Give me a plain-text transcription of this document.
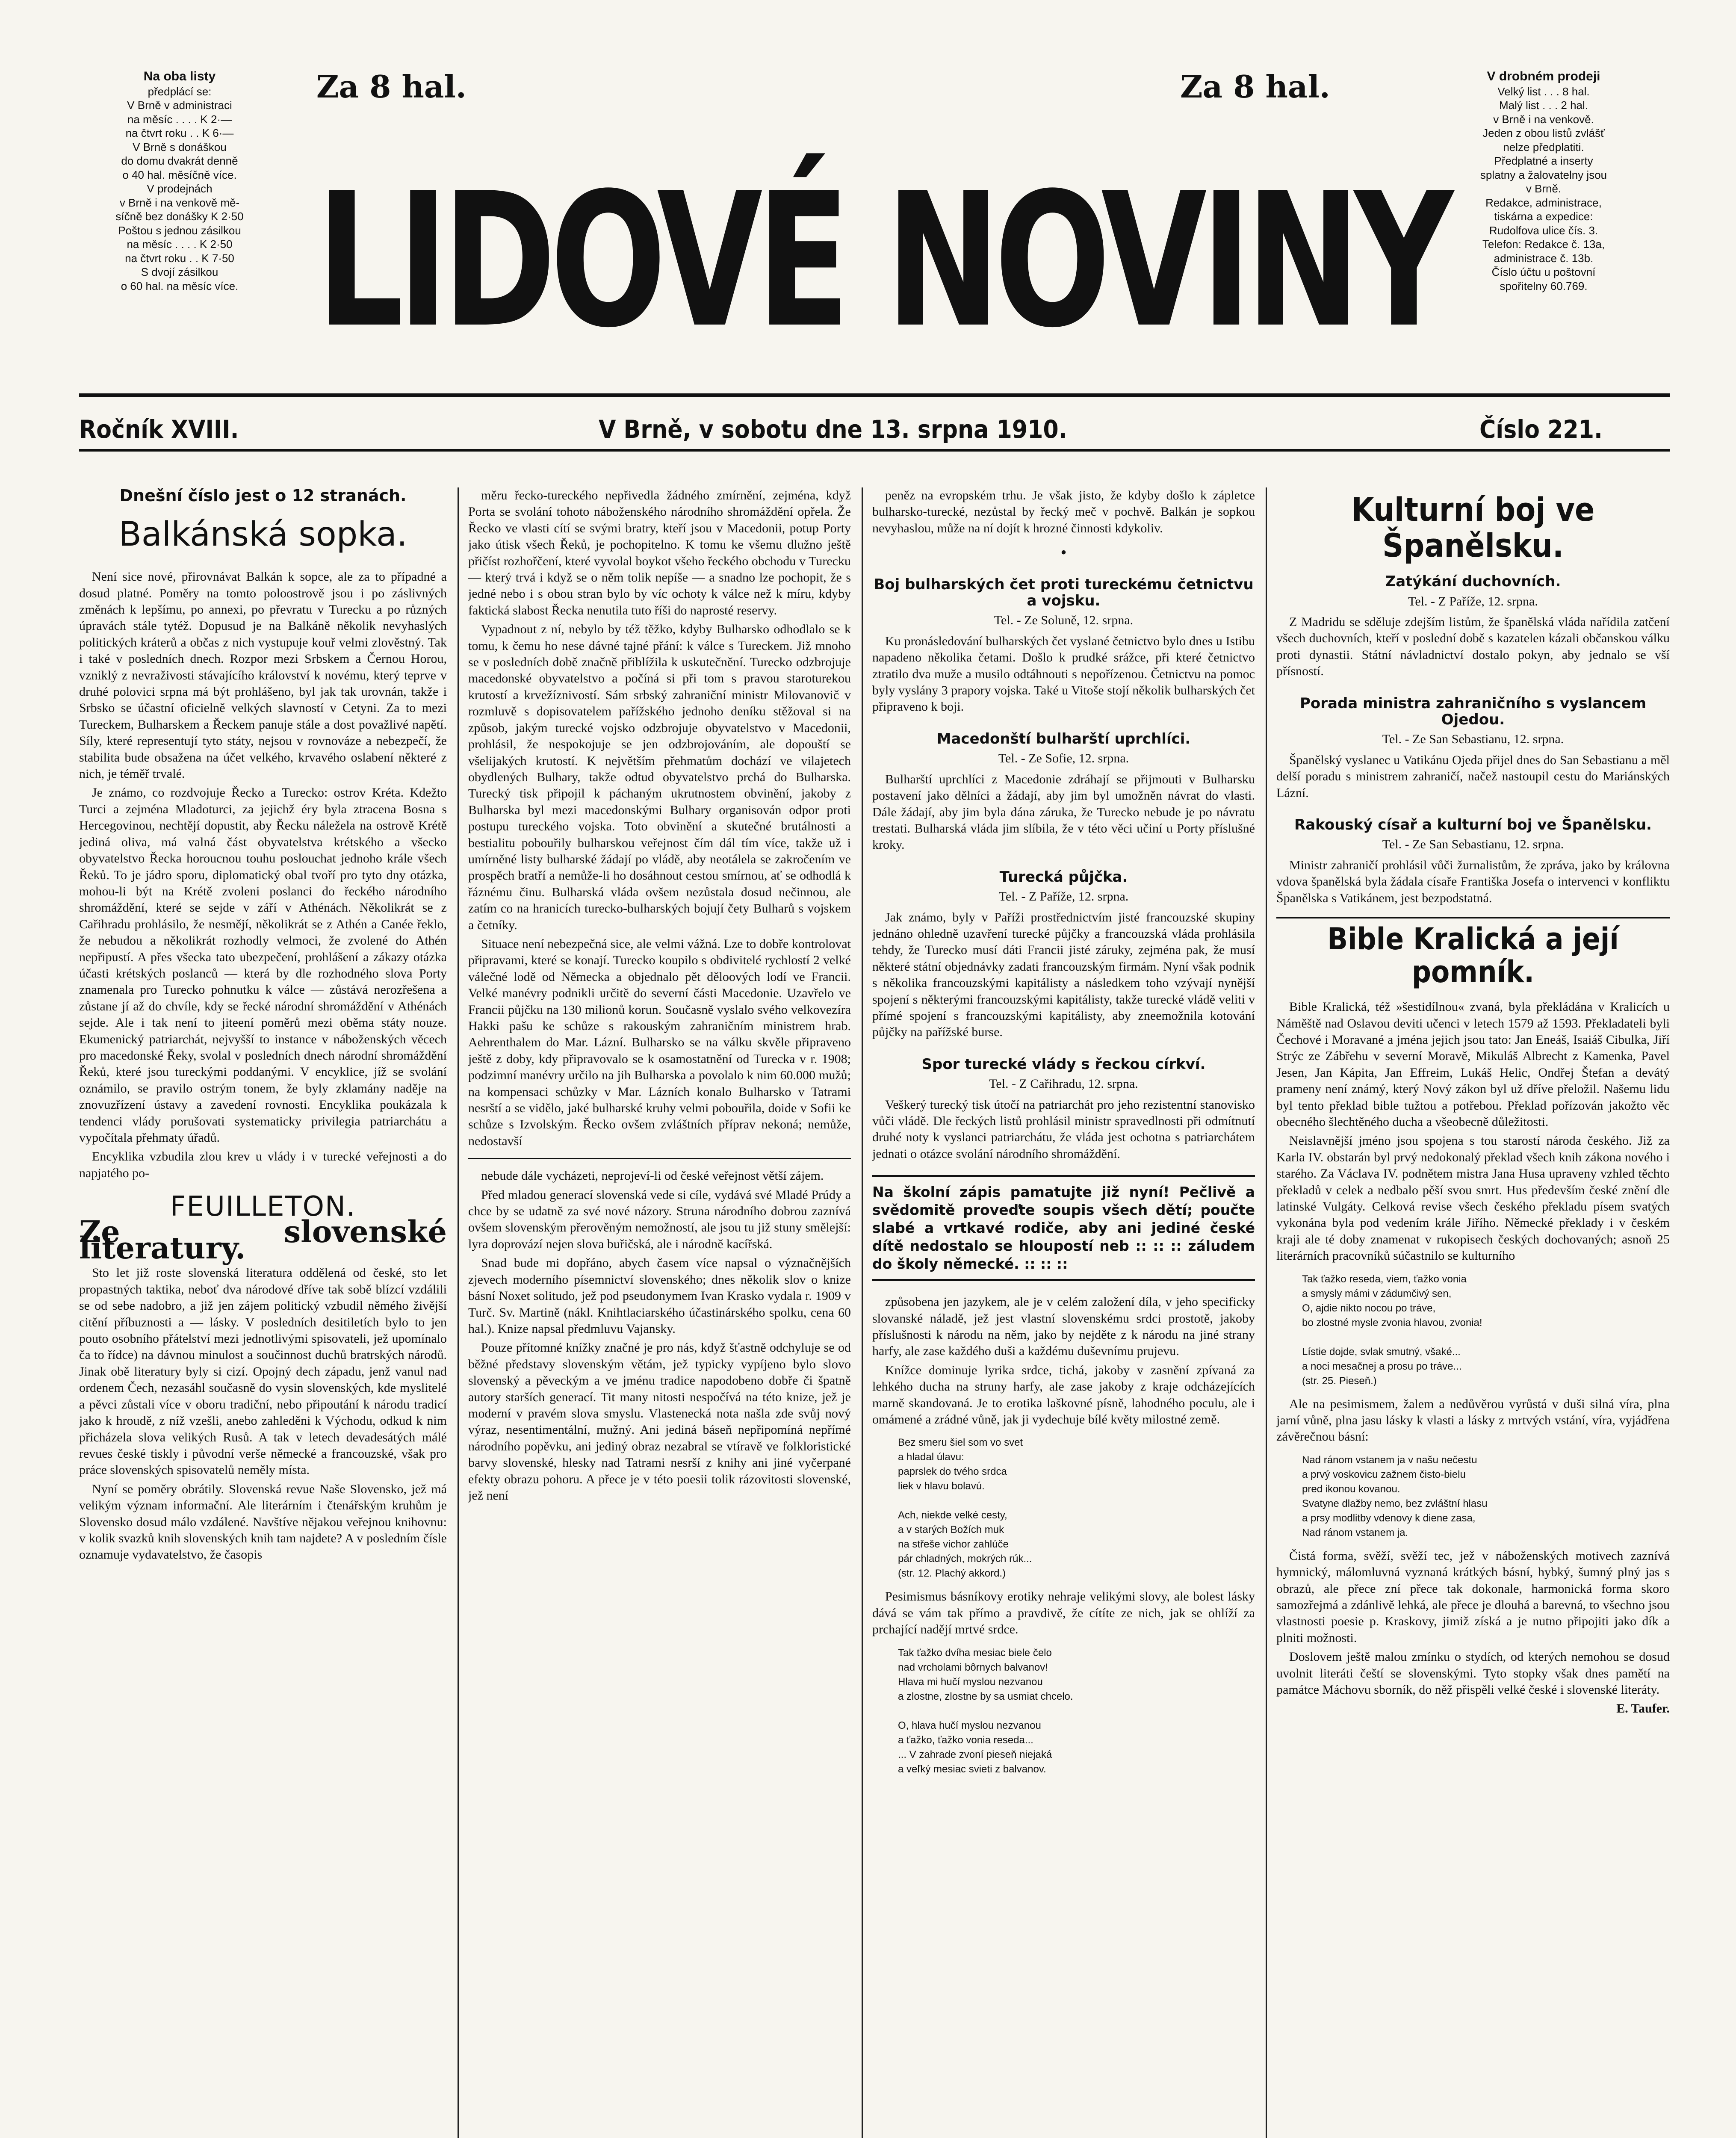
Na oba listy
předplácí se:
V Brně v administraci
na měsíc . . . . K 2·—
na čtvrt roku . . K 6·—
V Brně s donáškou
do domu dvakrát denně
o 40 hal. měsíčně více.
V prodejnách
v Brně i na venkově mě-
síčně bez donášky K 2·50
Poštou s jednou zásilkou
na měsíc . . . . K 2·50
na čtvrt roku . . K 7·50
S dvojí zásilkou
o 60 hal. na měsíc více.
Za 8 hal.	Za 8 hal.
LIDOVÉ NOVINY
V drobném prodeji
Velký list . . . 8 hal.
Malý list . . . 2 hal.
v Brně i na venkově.
Jeden z obou listů zvlášť
nelze předplatiti.
Předplatné a inserty
splatny a žalovatelny jsou
v Brně.
Redakce, administrace,
tiskárna a expedice:
Rudolfova ulice čís. 3.
Telefon: Redakce č. 13a,
administrace č. 13b.
Číslo účtu u poštovní
spořitelny 60.769.
Ročník XVIII.	V Brně, v sobotu dne 13. srpna 1910.	Číslo 221.
Dnešní číslo jest o 12 stranách.
Balkánská sopka.

Není sice nové, přirovnávat Balkán k sopce, ale za to případné a dosud platné. Poměry na tomto poloostrově jsou i po záslivných změnách k lepšímu, po annexi, po převratu v Turecku a po různých úpravách stále tytéž. Dopusud je na Balkáně několik nevyhaslých politických kráterů a občas z nich vystupuje kouř velmi zlověstný. Tak i také v posledních dnech. Rozpor mezi Srbskem a Černou Horou, vzniklý z nevraživosti stávajícího království k novému, který teprve v druhé polovici srpna má být prohlášeno, byl jak tak urovnán, takže i Srbsko se účastní oficielně velkých slavností v Cetyni. Za to mezi Tureckem, Bulharskem a Řeckem panuje stále a dost považlivé napětí. Síly, které representují tyto státy, nejsou v rovnováze a nebezpečí, že stabilita bude obsažena na účet velkého, krvavého oslabení některé z nich, je téměř trvalé.

Je známo, co rozdvojuje Řecko a Turecko: ostrov Kréta. Kdežto Turci a zejména Mladoturci, za jejichž éry byla ztracena Bosna s Hercegovinou, nechtějí dopustit, aby Řecku náležela na ostrově Krétě jediná oliva, má valná část obyvatelstva krétského a všecko obyvatelstvo Řecka horoucnou touhu poslouchat jednoho krále všech Řeků. To je jádro sporu, diplomatický obal tvoří pro tyto dny otázka, mohou-li být na Krétě zvoleni poslanci do řeckého národního shromáždění, které se sejde v září v Athénách. Několikrát se z Cařihradu prohlásilo, že nesmějí, několikrát se z Athén a Canée řeklo, že nebudou a několikrát rozhodly velmoci, že zvolené do Athén nepřipustí. A přes všecka tato ubezpečení, prohlášení a zákazy otázka účasti krétských poslanců — která by dle rozhodného slova Porty znamenala pro Turecko pohnutku k válce — zůstává nerozřešena a zůstane jí až do chvíle, kdy se řecké národní shromáždění v Athénách sejde. Ale i tak není to jiteení poměrů mezi oběma státy nouze. Ekumenický patriarchát, nejvyšší to instance v náboženských věcech pro macedonské Řeky, svolal v posledních dnech národní shromáždění Řeků, které jsou tureckými poddanými. V encyklice, jíž se svolání oznámilo, se pravilo ostrým tonem, že byly zklamány naděje na znovuzřízení ústavy a zavedení rovnosti. Encyklika poukázala k tendenci vlády porušovati systematicky privilegia patriarchátu a vypočítala přehmaty úřadů.

Encyklika vzbudila zlou krev u vlády i v turecké veřejnosti a do napjatého po-

FEUILLETON.
Ze slovenské literatury.

Sto let již roste slovenská literatura oddělená od české, sto let propastných taktika, neboť dva národové dříve tak sobě blízcí vzdálili se od sebe nadobro, a již jen zájem politický vzbudil němého živější citění příbuznosti a — lásky. V posledních desitiletích bylo to jen pouto osobního přátelství mezi jednotlivými spisovateli, jež upomínalo ča to řídce) na dávnou minulost a součinnost duchů bratrských národů. Jinak obě literatury byly si cizí. Opojný dech západu, jenž vanul nad ordenem Čech, nezasáhl současně do vysin slovenských, kde myslitelé a pěvci zůstali více v oboru tradiční, nebo připoutání k národu tradicí jako k hroudě, z níž vzešli, anebo zahleděni k Východu, odkud k nim přicházela slova velikých Rusů. A tak v letech devadesátých málé revues české tiskly i původní verše německé a francouzské, však pro práce slovenských spisovatelů neměly místa.

Nyní se poměry obrátily. Slovenská revue Naše Slovensko, jež má velikým význam informační. Ale literárním i čtenářským kruhům je Slovensko dosud málo vzdálené. Navštíve nějakou veřejnou knihovnu: v kolik svazků knih slovenských knih tam najdete? A v posledním čísle oznamuje vydavatelstvo, že časopis

měru řecko-tureckého nepřivedla žádného zmírnění, zejména, když Porta se svolání tohoto náboženského národního shromáždění opřela. Že Řecko ve vlasti cítí se svými bratry, kteří jsou v Macedonii, potup Porty jako útisk všech Řeků, je pochopitelno. K tomu ke všemu dlužno ještě přičíst rozhořčení, které vyvolal boykot všeho řeckého obchodu v Turecku — který trvá i když se o něm tolik nepíše — a snadno lze pochopit, že s jedné nebo i s obou stran bylo by víc ochoty k válce než k míru, kdyby faktická slabost Řecka nenutila tuto říši do naprosté reservy.

Vypadnout z ní, nebylo by též těžko, kdyby Bulharsko odhodlalo se k tomu, k čemu ho nese dávné tajné přání: k válce s Tureckem. Již mnoho se v posledních době značně přiblížila k uskutečnění. Turecko odzbrojuje macedonské obyvatelstvo a počíná si při tom s pravou staroturekou krutostí a krvežíznivostí. Sám srbský zahraniční ministr Milovanovič v rozmluvě s dopisovatelem pařížského jednoho deníku stěžoval si na způsob, jakým turecké vojsko odzbrojuje obyvatelstvo v Macedonii, prohlásil, že nespokojuje se jen odzbrojováním, ale dopouští se všelijakých krutostí. K největším přehmatům dochází ve vilajetech obydlených Bulhary, takže odtud obyvatelstvo prchá do Bulharska. Turecký tisk připojil k páchaným ukrutnostem obvinění, jakoby z Bulharska byl mezi macedonskými Bulhary organisován odpor proti postupu tureckého vojska. Toto obvinění a skutečné brutálnosti a bestialitu pobouřily bulharskou veřejnost čím dál tím více, takže už i umírněné listy bulharské žádají po vládě, aby neotálela se zakročením ve prospěch bratří a nemůže-li ho dosáhnout cestou smírnou, ať se odhodlá k řáznému činu. Bulharská vláda ovšem nezůstala dosud nečinnou, ale zatím co na hranicích turecko-bulharských bojují čety Bulharů s vojskem a četníky.

Situace není nebezpečná sice, ale velmi vážná. Lze to dobře kontrolovat připravami, které se konají. Turecko koupilo s obdivitelé rychlostí 2 velké válečné lodě od Německa a objednalo pět děloových lodí ve Francii. Velké manévry podnikli určitě do severní části Macedonie. Uzavřelo ve Francii půjčku na 130 milionů korun. Současně vyslalo svého velkovezíra Hakki pašu ke schůze s rakouským zahraničním ministrem hrab. Aehrenthalem do Mar. Lázní. Bulharsko se na válku skvěle připraveno ještě z doby, kdy připravovalo se k osamostatnění od Turecka v r. 1908; podzimní manévry určilo na jih Bulharska a povolalo k nim 60.000 mužů; na kompensaci schůzky v Mar. Lázních konalo Bulharsko v Tatrami nesrští a se vidělo, jaké bulharské kruhy velmi pobouřila, doide v Sofii ke schůze s Izvolským. Řecko ovšem zvláštních příprav nekoná; nemůže, nedostavší

nebude dále vycházeti, neprojeví-li od české veřejnost větší zájem.

Před mladou generací slovenská vede si cíle, vydává své Mladé Prúdy a chce by se udatně za své nové názory. Struna národního dobrou zaznívá ovšem slovenským přerověným nemožností, ale jsou tu již stuny smělejší: lyra doprovází nejen slova buřičská, ale i národně kacířská.

Snad bude mi dopřáno, abych časem více napsal o význačnějších zjevech moderního písemnictví slovenského; dnes několik slov o knize básní Noxet solitudo, jež pod pseudonymem Ivan Krasko vydala r. 1909 v Turč. Sv. Martině (nákl. Knihtlaciarského účastinárského spolku, cena 60 hal.). Knize napsal předmluvu Vajansky.

Pouze přítomné knížky značné je pro nás, když šťastně odchyluje se od běžné představy slovenským větám, jež typicky vypíjeno bylo slovo slovenský a pěveckým a ve jménu tradice napodobeno dobře či špatně autory starších generací. Tit many nitosti nespočívá na této knize, jež je moderní v pravém slova smyslu. Vlastenecká nota našla zde svůj nový výraz, nesentimentální, mužný. Ani jediná báseň nepřipomíná nepřímé národního popěvku, ani jediný obraz nezabral se vtíravě ve folkloristické barvy slovenské, hlesky nad Tatrami nesrší z knihy ani jiné vyčerpané efekty obrazu pohoru. A přece je v této poesii tolik rázovitosti slovenské, jež není

peněz na evropském trhu. Je však jisto, že kdyby došlo k zápletce bulharsko-turecké, nezůstal by řecký meč v pochvě. Balkán je sopkou nevyhaslou, může na ní dojít k hrozné činnosti kdykoliv.

•
Boj bulharských čet proti tureckému četnictvu a vojsku.
Tel. - Ze Soluně, 12. srpna.

Ku pronásledování bulharských čet vyslané četnictvo bylo dnes u Istibu napadeno několika četami. Došlo k prudké srážce, při které četnictvo ztratilo dva muže a musilo odtáhnouti s nepořízenou. Četnictvu na pomoc byly vyslány 3 prapory vojska. Také u Vitoše stojí několik bulharských čet připraveno k boji.

Macedonští bulharští uprchlíci.
Tel. - Ze Sofie, 12. srpna.

Bulharští uprchlíci z Macedonie zdráhají se přijmouti v Bulharsku postavení jako dělníci a žádají, aby jim byl umožněn návrat do vlasti. Dále žádají, aby jim byla dána záruka, že Turecko nebude je po návratu trestati. Bulharská vláda jim slíbila, že v této věci učiní u Porty příslušné kroky.

Turecká půjčka.
Tel. - Z Paříže, 12. srpna.

Jak známo, byly v Paříži prostřednictvím jisté francouzské skupiny jednáno ohledně uzavření turecké půjčky a francouzská vláda prohlásila tehdy, že Turecko musí dáti Francii jisté záruky, zejména pak, že musí některé státní objednávky zadati francouzským firmám. Nyní však podnik s několika francouzskými kapitálisty a následkem toho vzývají nynější spojení s některými francouzskými kapitálisty, takže turecké vládě veliti v přímé spojení s francouzskými kapitálisty, aby zneemožnila kotování půjčky na pařížské burse.

Spor turecké vlády s řeckou církví.
Tel. - Z Cařihradu, 12. srpna.

Veškerý turecký tisk útočí na patriarchát pro jeho rezistentní stanovisko vůči vládě. Dle řeckých listů prohlásil ministr spravedlnosti při odmítnutí druhé noty k vyslanci patriarchátu, že vláda jest ochotna s patriarchátem jednati o otázce svolání národního shromáždění.

Na školní zápis pamatujte již nyní! Pečlivě a svědomitě proveďte soupis všech dětí; poučte slabé a vrtkavé rodiče, aby ani jediné české dítě nedostalo se hloupostí neb :: :: :: záludem do školy německé. :: :: ::

způsobena jen jazykem, ale je v celém založení díla, v jeho specificky slovanské náladě, jež jest vlastní slovenskému srdci prostotě, jakoby příslušnosti k národu na něm, jako by nejděte z k národu na jiné strany harfy, ale zase každého duši a každému duševnímu prujevu.

Knížce dominuje lyrika srdce, tichá, jakoby v zasnění zpívaná za lehkého ducha na struny harfy, ale zase jakoby z kraje odcházejících marně skandovaná. Je to erotika laškovné písně, lahodného poculu, ale i omámené a zrádné vůně, jak ji vydechuje bílé květy milostné země.

Bez smeru šiel som vo svet
a hladal úlavu:
paprslek do tvého srdca
liek v hlavu bolavú.

Ach, niekde velké cesty,
a v starých Božích muk
na střeše vichor zahlúče
pár chladných, mokrých rúk...
(str. 12. Plachý akkord.)

Pesimismus básníkovy erotiky nehraje velikými slovy, ale bolest lásky dává se vám tak přímo a pravdivě, že cítíte ze nich, jak se ohlíží za prchající nadějí mrtvé srdce.

Tak ťažko dvíha mesiac biele čelo
nad vrcholami bôrnych balvanov!
Hlava mi hučí myslou nezvanou
a zlostne, zlostne by sa usmiat chcelo.

O, hlava hučí myslou nezvanou
a ťažko, ťažko vonia reseda...
... V zahrade zvoní pieseň niejaká
a veľký mesiac svieti z balvanov.
Kulturní boj ve Španělsku.
Zatýkání duchovních.
Tel. - Z Paříže, 12. srpna.

Z Madridu se sděluje zdejším listům, že španělská vláda nařídila zatčení všech duchovních, kteří v poslední době s kazatelen kázali občanskou válku proti dynastii. Státní návladnictví dostalo pokyn, aby jednalo se vší přísností.

Porada ministra zahraničního s vyslancem Ojedou.
Tel. - Ze San Sebastianu, 12. srpna.

Španělský vyslanec u Vatikánu Ojeda přijel dnes do San Sebastianu a měl delší poradu s ministrem zahraničí, načež nastoupil cestu do Mariánských Lázní.

Rakouský císař a kulturní boj ve Španělsku.
Tel. - Ze San Sebastianu, 12. srpna.

Ministr zahraničí prohlásil vůči žurnalistům, že zpráva, jako by královna vdova španělská byla žádala císaře Františka Josefa o intervenci v konfliktu Španělska s Vatikánem, jest bezpodstatná.

Bible Kralická a její pomník.

Bible Kralická, též »šestidílnou« zvaná, byla překládána v Kralicích u Náměště nad Oslavou deviti učenci v letech 1579 až 1593. Překladateli byli Čechové i Moravané a jména jejich jsou tato: Jan Eneáš, Isaiáš Cibulka, Jiří Strýc ze Zábřehu v severní Moravě, Mikuláš Albrecht z Kamenka, Pavel Jesen, Jan Kápita, Jan Effreim, Lukáš Helic, Ondřej Štefan a devátý prameny není známý, který Nový zákon byl už dříve přeložil. Našemu lidu byl tento překlad bible tužtou a potřebou. Překlad pořízován jakožto věc obecného šlechtěného ducha a všeobecně důležitosti.

Neislavnější jméno jsou spojena s tou starostí národa českého. Již za Karla IV. obstarán byl prvý nedokonalý překlad všech knih zákona nového i starého. Za Václava IV. podnětem mistra Jana Husa upraveny vzhled těchto překladů v celek a nedbalo pěší svou smrt. Hus především české znění dle latinské Vulgáty. Celková revise všech českého překladu písem svatých vykonána byla pod vedením krále Jiřího. Německé překlady i v českém kraji ale té doby znamenat v rukopisech českých dochovaných; asnoň 25 literárních pracovníků súčastnilo se kulturního

Tak ťažko reseda, viem, ťažko vonia
a smysly mámi v zádumčivý sen,
O, ajdie nikto nocou po tráve,
bo zlostné mysle zvonia hlavou, zvonia!

Lístie dojde, svlak smutný, všaké...
a noci mesačnej a prosu po tráve...
(str. 25. Pieseň.)

Ale na pesimismem, žalem a nedůvěrou vyrůstá v duši silná víra, plna jarní vůně, plna jasu lásky k vlasti a lásky z mrtvých vstání, víra, vyjádřena závěrečnou básní:

Nad ránom vstanem ja v našu nečestu
a prvý voskovicu zažnem čisto-bielu
pred ikonou kovanou.
Svatyne dlažby nemo, bez zvláštní hlasu
a prsy modlitby vdenovy k diene zasa,
Nad ránom vstanem ja.

Čistá forma, svěží, svěží tec, jež v náboženských motivech zaznívá hymnický, málomluvná vyznaná krátkých básní, hybký, šumný plný jas s obrazů, ale přece zní přece tak dokonale, harmonická forma skoro samozřejmá a zdánlivě lehká, ale přece je dlouhá a barevná, to všechno jsou vlastnosti poesie p. Kraskovy, jimiž získá a je nutno připojiti jako dík a plniti možnosti.

Doslovem ještě malou zmínku o stydích, od kterých nemohou se dosud uvolnit literáti čeští se slovenskými. Tyto stopky však dnes pamětí na památce Máchovu sborník, do něž přispěli velké české i slovenské literáty.

E. Taufer.
